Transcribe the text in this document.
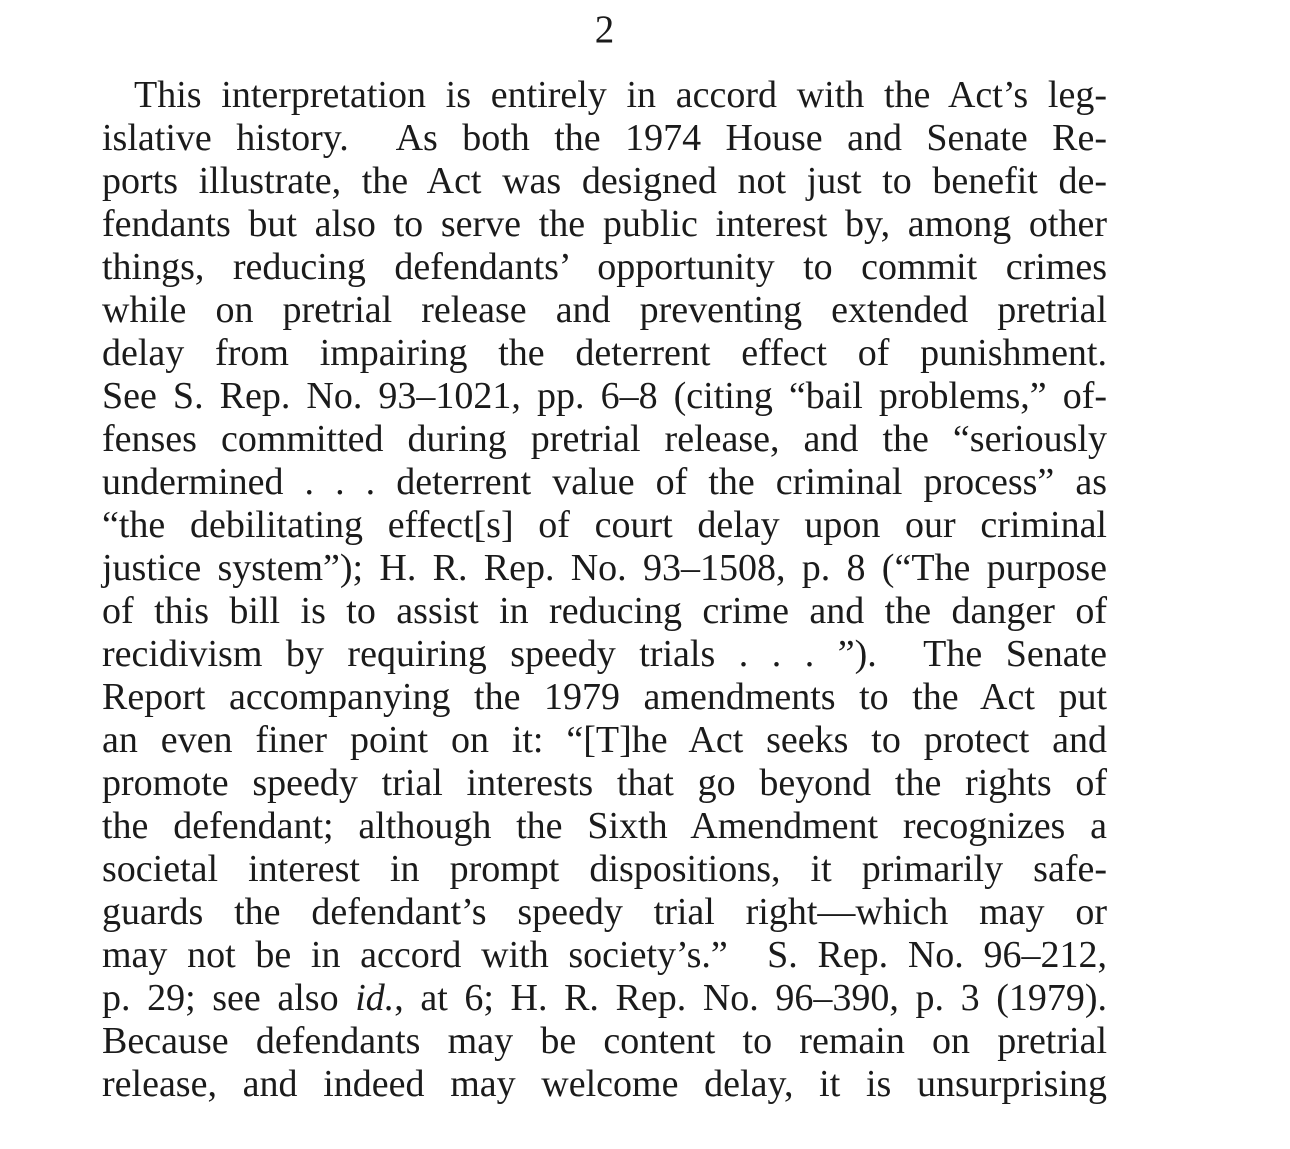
2
This interpretation is entirely in accord with the Act’s leg-
islative history.  As both the 1974 House and Senate Re-
ports illustrate, the Act was designed not just to benefit de-
fendants but also to serve the public interest by, among other
things, reducing defendants’ opportunity to commit crimes
while on pretrial release and preventing extended pretrial
delay from impairing the deterrent effect of punishment.
See S. Rep. No. 93–1021, pp. 6–8 (citing “bail problems,” of-
fenses committed during pretrial release, and the “seriously
undermined . . . deterrent value of the criminal process” as
“the debilitating effect[s] of court delay upon our criminal
justice system”); H. R. Rep. No. 93–1508, p. 8 (“The purpose
of this bill is to assist in reducing crime and the danger of
recidivism by requiring speedy trials . . . ”).  The Senate
Report accompanying the 1979 amendments to the Act put
an even finer point on it: “[T]he Act seeks to protect and
promote speedy trial interests that go beyond the rights of
the defendant; although the Sixth Amendment recognizes a
societal interest in prompt dispositions, it primarily safe-
guards the defendant’s speedy trial right—which may or
may not be in accord with society’s.”  S. Rep. No. 96–212,
p. 29; see also id., at 6; H. R. Rep. No. 96–390, p. 3 (1979).
Because defendants may be content to remain on pretrial
release, and indeed may welcome delay, it is unsurprising
